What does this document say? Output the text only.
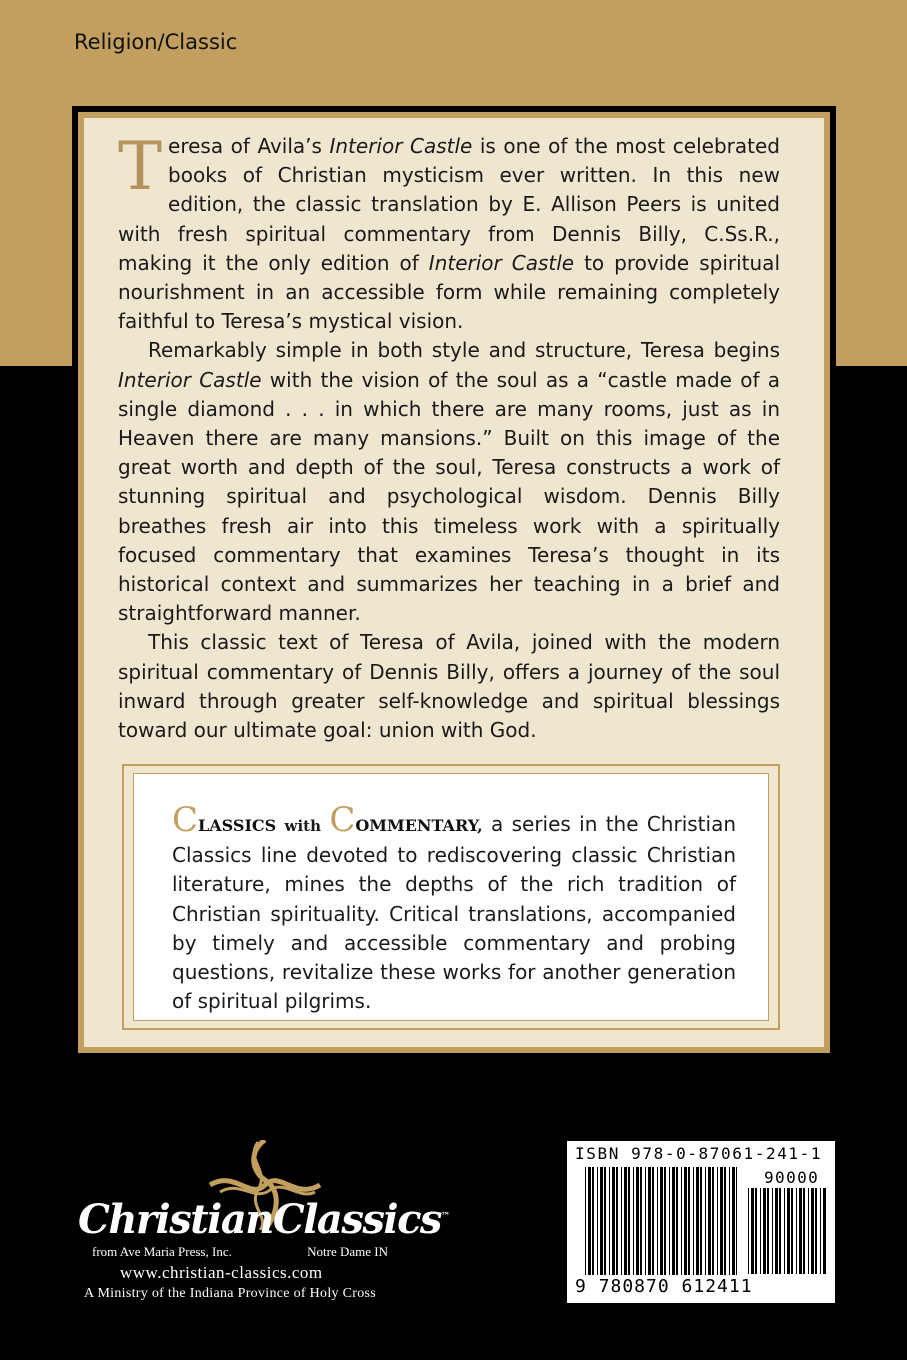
Religion/Classic

Teresa of Avila’s Interior Castle is one of the most celebrated books of Christian mysticism ever written. In this new edition, the classic translation by E. Allison Peers is united with fresh spiritual commentary from Dennis Billy, C.Ss.R., making it the only edition of Interior Castle to provide spiritual nourishment in an accessible form while remaining completely faithful to Teresa’s mystical vision.

Remarkably simple in both style and structure, Teresa begins Interior Castle with the vision of the soul as a “castle made of a single diamond . . . in which there are many rooms, just as in Heaven there are many mansions.” Built on this image of the great worth and depth of the soul, Teresa constructs a work of stunning spiritual and psychological wisdom. Dennis Billy breathes fresh air into this timeless work with a spiritually focused commentary that examines Teresa’s thought in its historical context and summarizes her teaching in a brief and straightforward manner.

This classic text of Teresa of Avila, joined with the modern spiritual commentary of Dennis Billy, offers a journey of the soul inward through greater self-knowledge and spiritual blessings toward our ultimate goal: union with God.

CLASSICS with COMMENTARY, a series in the Christian Classics line devoted to rediscovering classic Christian literature, mines the depths of the rich tradition of Christian spirituality. Critical translations, accompanied by timely and accessible commentary and probing questions, revitalize these works for another generation of spiritual pilgrims.
ChristianClassics™
from Ave Maria Press, Inc.	Notre Dame IN
www.christian-classics.com
A Ministry of the Indiana Province of Holy Cross
ISBN 978-0-87061-241-1
90000
9 780870 612411
